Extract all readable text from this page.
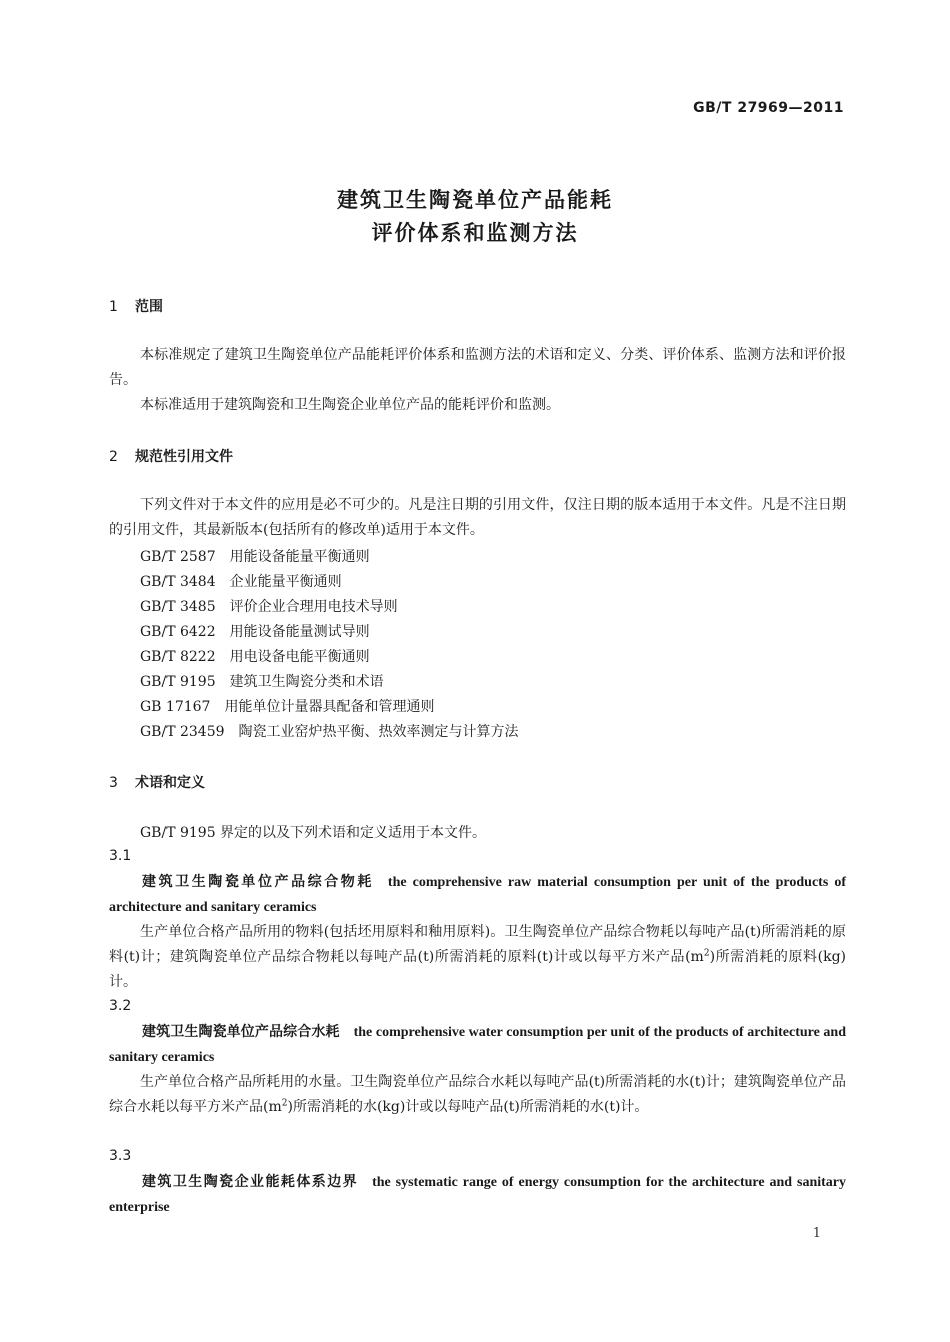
GB/T 27969—2011
建筑卫生陶瓷单位产品能耗
评价体系和监测方法
1 范围

本标准规定了建筑卫生陶瓷单位产品能耗评价体系和监测方法的术语和定义、分类、评价体系、监测方法和评价报告。

本标准适用于建筑陶瓷和卫生陶瓷企业单位产品的能耗评价和监测。

2 规范性引用文件

下列文件对于本文件的应用是必不可少的。凡是注日期的引用文件，仅注日期的版本适用于本文件。凡是不注日期的引用文件，其最新版本(包括所有的修改单)适用于本文件。

GB/T 2587 用能设备能量平衡通则
GB/T 3484 企业能量平衡通则
GB/T 3485 评价企业合理用电技术导则
GB/T 6422 用能设备能量测试导则
GB/T 8222 用电设备电能平衡通则
GB/T 9195 建筑卫生陶瓷分类和术语
GB 17167 用能单位计量器具配备和管理通则
GB/T 23459 陶瓷工业窑炉热平衡、热效率测定与计算方法
3 术语和定义
GB/T 9195 界定的以及下列术语和定义适用于本文件。
3.1

建筑卫生陶瓷单位产品综合物耗 the comprehensive raw material consumption per unit of the products of architecture and sanitary ceramics

生产单位合格产品所用的物料(包括坯用原料和釉用原料)。卫生陶瓷单位产品综合物耗以每吨产品(t)所需消耗的原料(t)计；建筑陶瓷单位产品综合物耗以每吨产品(t)所需消耗的原料(t)计或以每平方米产品$(m^2)$所需消耗的原料(kg)计。

3.2

建筑卫生陶瓷单位产品综合水耗 the comprehensive water consumption per unit of the products of architecture and sanitary ceramics

生产单位合格产品所耗用的水量。卫生陶瓷单位产品综合水耗以每吨产品(t)所需消耗的水(t)计；建筑陶瓷单位产品综合水耗以每平方米产品$(m^2)$所需消耗的水(kg)计或以每吨产品(t)所需消耗的水(t)计。

3.3

建筑卫生陶瓷企业能耗体系边界 the systematic range of energy consumption for the architecture and sanitary enterprise

1
